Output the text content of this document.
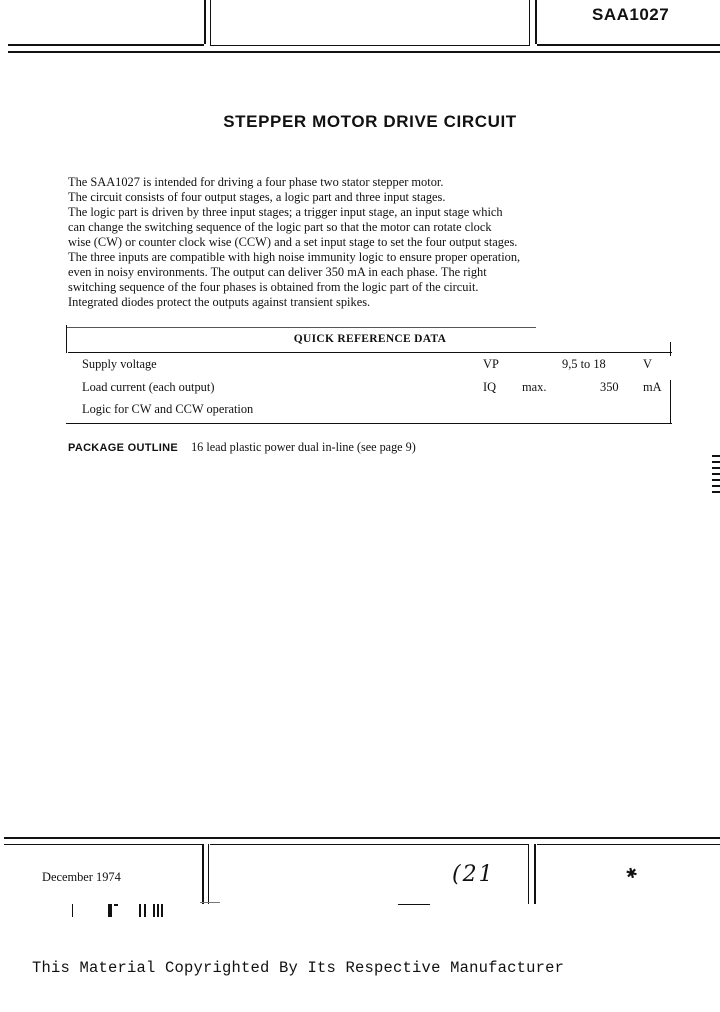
SAA1027
STEPPER MOTOR DRIVE CIRCUIT
The SAA1027 is intended for driving a four phase two stator stepper motor.
The circuit consists of four output stages, a logic part and three input stages.
The logic part is driven by three input stages; a trigger input stage, an input stage which
can change the switching sequence of the logic part so that the motor can rotate clock
wise (CW) or counter clock wise (CCW) and a set input stage to set the four output stages.
The three inputs are compatible with high noise immunity logic to ensure proper operation,
even in noisy environments. The output can deliver 350 mA in each phase. The right
switching sequence of the four phases is obtained from the logic part of the circuit.
Integrated diodes protect the outputs against transient spikes.
QUICK REFERENCE DATA
Supply voltage	VP	9,5 to 18	V
Load current (each output)	IQ max.	350 mA
Logic for CW and CCW operation
PACKAGE OUTLINE 16 lead plastic power dual in-line (see page 9)
December 1974	(21	✱
This Material Copyrighted By Its Respective Manufacturer
